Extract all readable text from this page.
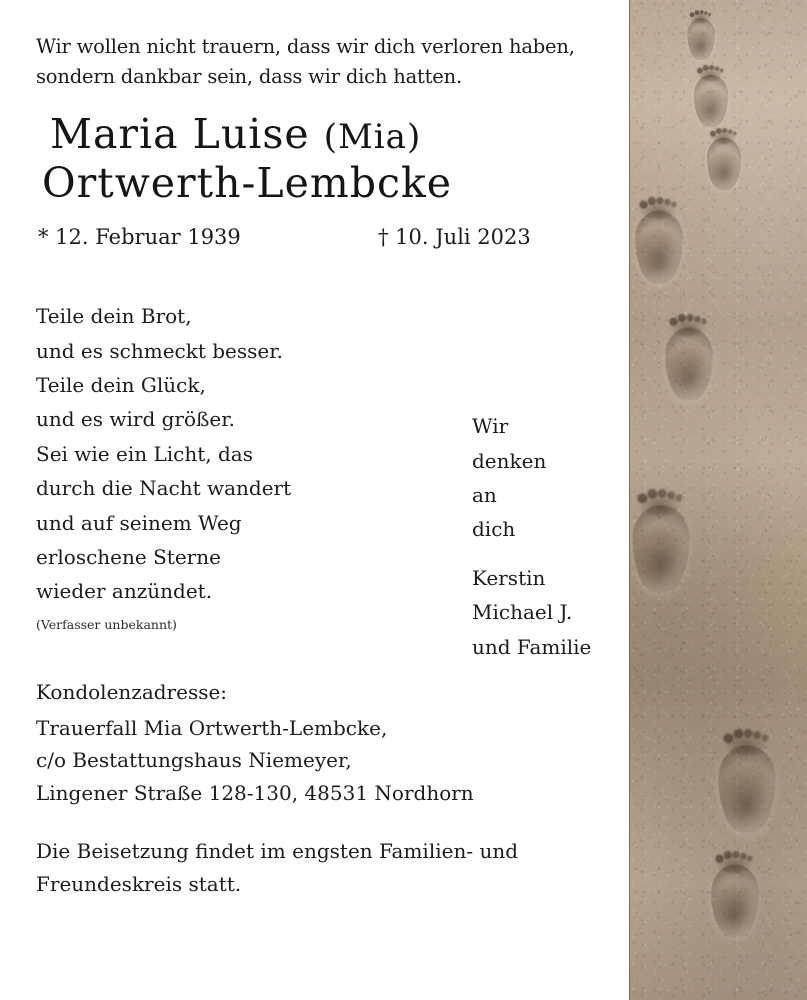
Wir wollen nicht trauern, dass wir dich verloren haben,
sondern dankbar sein, dass wir dich hatten.
Maria Luise (Mia)
Ortwerth-Lembcke
* 12. Februar 1939	† 10. Juli 2023
Teile dein Brot,
und es schmeckt besser.
Teile dein Glück,
und es wird größer.
Sei wie ein Licht, das
durch die Nacht wandert
und auf seinem Weg
erloschene Sterne
wieder anzündet.
(Verfasser unbekannt)
Wir
denken
an
dich
Kerstin
Michael J.
und Familie
Kondolenzadresse:
Trauerfall Mia Ortwerth-Lembcke,
c/o Bestattungshaus Niemeyer,
Lingener Straße 128-130, 48531 Nordhorn
Die Beisetzung findet im engsten Familien- und
Freundeskreis statt.
